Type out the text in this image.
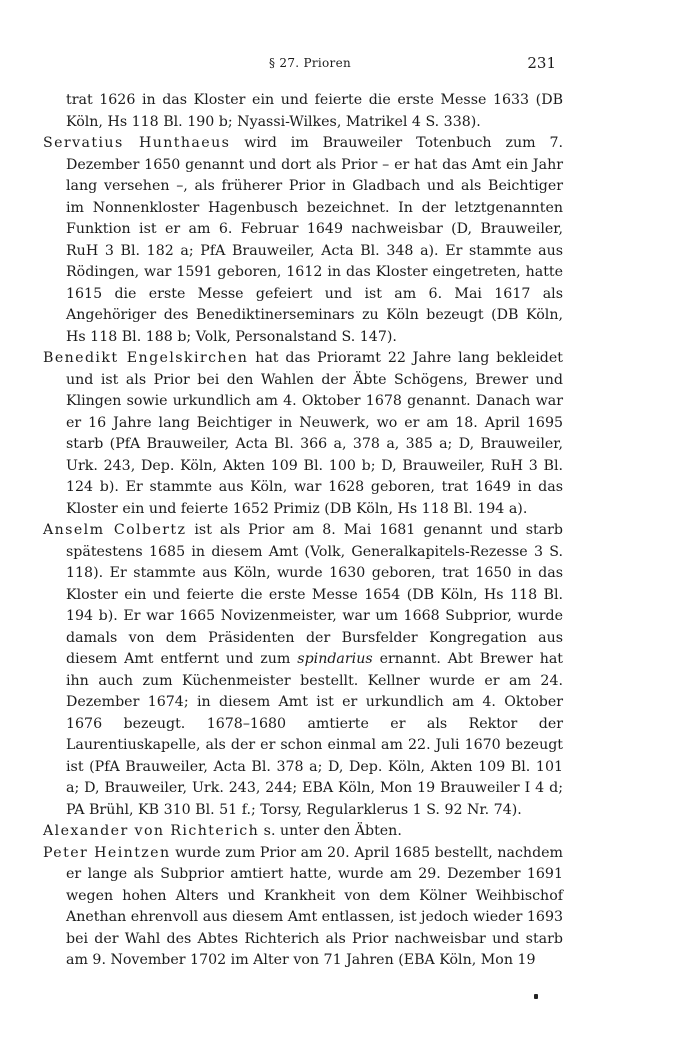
§ 27. Prioren	231

trat 1626 in das Kloster ein und feierte die erste Messe 1633 (DB Köln, Hs 118 Bl. 190 b; Nyassi-Wilkes, Matrikel 4 S. 338).

Servatius Hunthaeus wird im Brauweiler Totenbuch zum 7. Dezember 1650 genannt und dort als Prior – er hat das Amt ein Jahr lang versehen –, als früherer Prior in Gladbach und als Beichtiger im Nonnenkloster Hagenbusch bezeichnet. In der letztgenannten Funktion ist er am 6. Februar 1649 nachweisbar (D, Brauweiler, RuH 3 Bl. 182 a; PfA Brauweiler, Acta Bl. 348 a). Er stammte aus Rödingen, war 1591 geboren, 1612 in das Kloster eingetreten, hatte 1615 die erste Messe gefeiert und ist am 6. Mai 1617 als Angehöriger des Benediktinerseminars zu Köln bezeugt (DB Köln, Hs 118 Bl. 188 b; Volk, Personalstand S. 147).

Benedikt Engelskirchen hat das Prioramt 22 Jahre lang bekleidet und ist als Prior bei den Wahlen der Äbte Schögens, Brewer und Klingen sowie urkundlich am 4. Oktober 1678 genannt. Danach war er 16 Jahre lang Beichtiger in Neuwerk, wo er am 18. April 1695 starb (PfA Brauweiler, Acta Bl. 366 a, 378 a, 385 a; D, Brauweiler, Urk. 243, Dep. Köln, Akten 109 Bl. 100 b; D, Brauweiler, RuH 3 Bl. 124 b). Er stammte aus Köln, war 1628 geboren, trat 1649 in das Kloster ein und feierte 1652 Primiz (DB Köln, Hs 118 Bl. 194 a).

Anselm Colbertz ist als Prior am 8. Mai 1681 genannt und starb spätestens 1685 in diesem Amt (Volk, Generalkapitels-Rezesse 3 S. 118). Er stammte aus Köln, wurde 1630 geboren, trat 1650 in das Kloster ein und feierte die erste Messe 1654 (DB Köln, Hs 118 Bl. 194 b). Er war 1665 Novizenmeister, war um 1668 Subprior, wurde damals von dem Präsidenten der Bursfelder Kongregation aus diesem Amt entfernt und zum spindarius ernannt. Abt Brewer hat ihn auch zum Küchenmeister bestellt. Kellner wurde er am 24. Dezember 1674; in diesem Amt ist er urkundlich am 4. Oktober 1676 bezeugt. 1678–1680 amtierte er als Rektor der Laurentiuskapelle, als der er schon einmal am 22. Juli 1670 bezeugt ist (PfA Brauweiler, Acta Bl. 378 a; D, Dep. Köln, Akten 109 Bl. 101 a; D, Brauweiler, Urk. 243, 244; EBA Köln, Mon 19 Brauweiler I 4 d; PA Brühl, KB 310 Bl. 51 f.; Torsy, Regularklerus 1 S. 92 Nr. 74).

Alexander von Richterich s. unter den Äbten.

Peter Heintzen wurde zum Prior am 20. April 1685 bestellt, nachdem er lange als Subprior amtiert hatte, wurde am 29. Dezember 1691 wegen hohen Alters und Krankheit von dem Kölner Weihbischof Anethan ehrenvoll aus diesem Amt entlassen, ist jedoch wieder 1693 bei der Wahl des Abtes Richterich als Prior nachweisbar und starb am 9. November 1702 im Alter von 71 Jahren (EBA Köln, Mon 19
